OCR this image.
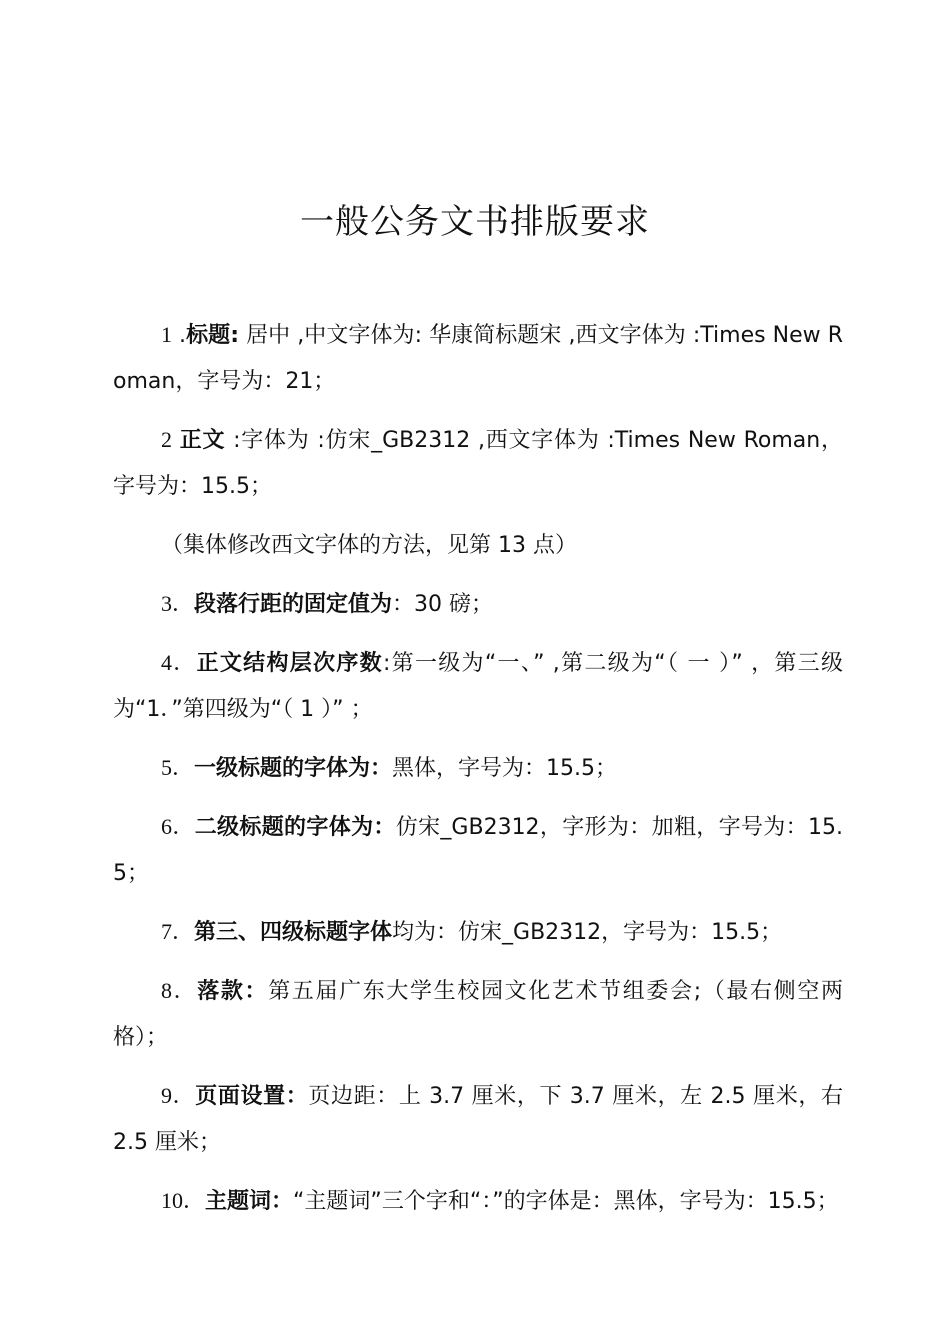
一般公务文书排版要求

1 .标题: 居中 ,中文字体为: 华康简标题宋 ,西文字体为 :Times New Roman，字号为：21；

2 正文 :字体为 :仿宋_GB2312 ,西文字体为 :Times New Roman，字号为：15.5；

（集体修改西文字体的方法，见第 13 点）

3．段落行距的固定值为：30 磅；

4．正文结构层次序数:第一级为“一、” ,第二级为“（ 一 ）” ，第三级为“1．”第四级为“（ 1 ）” ；

5．一级标题的字体为：黑体，字号为：15.5；

6．二级标题的字体为：仿宋_GB2312，字形为：加粗，字号为：15.5；

7．第三、四级标题字体均为：仿宋_GB2312，字号为：15.5；

8．落款：第五届广东大学生校园文化艺术节组委会;（最右侧空两格）；

9．页面设置：页边距：上 3.7 厘米，下 3.7 厘米，左 2.5 厘米，右 2.5 厘米；

10．主题词：“主题词”三个字和“：”的字体是：黑体，字号为：15.5；
